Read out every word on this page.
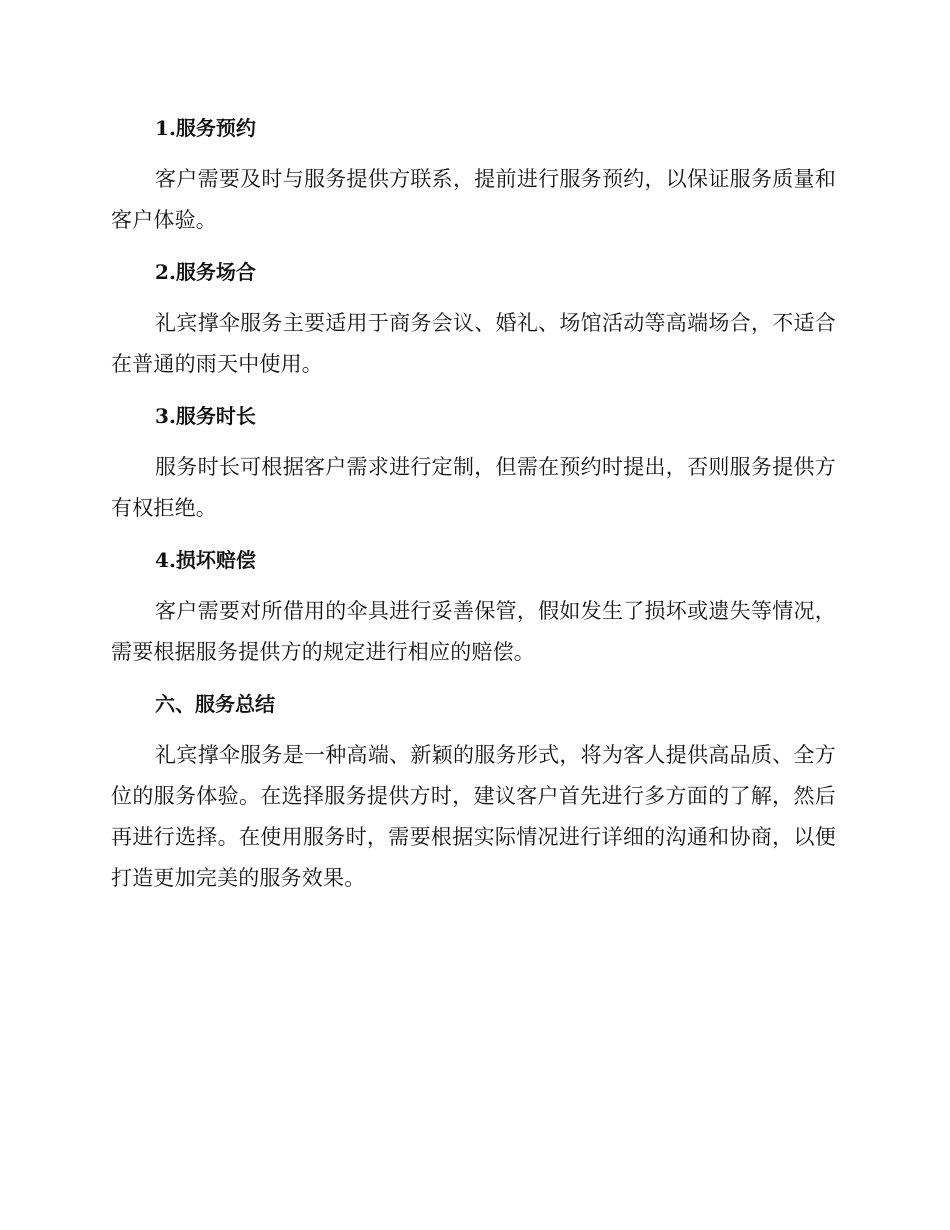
1.服务预约

客户需要及时与服务提供方联系，提前进行服务预约，以保证服务质量和客户体验。

2.服务场合

礼宾撑伞服务主要适用于商务会议、婚礼、场馆活动等高端场合，不适合在普通的雨天中使用。

3.服务时长

服务时长可根据客户需求进行定制，但需在预约时提出，否则服务提供方有权拒绝。

4.损坏赔偿

客户需要对所借用的伞具进行妥善保管，假如发生了损坏或遗失等情况，需要根据服务提供方的规定进行相应的赔偿。

六、服务总结

礼宾撑伞服务是一种高端、新颖的服务形式，将为客人提供高品质、全方位的服务体验。在选择服务提供方时，建议客户首先进行多方面的了解，然后再进行选择。在使用服务时，需要根据实际情况进行详细的沟通和协商，以便打造更加完美的服务效果。
